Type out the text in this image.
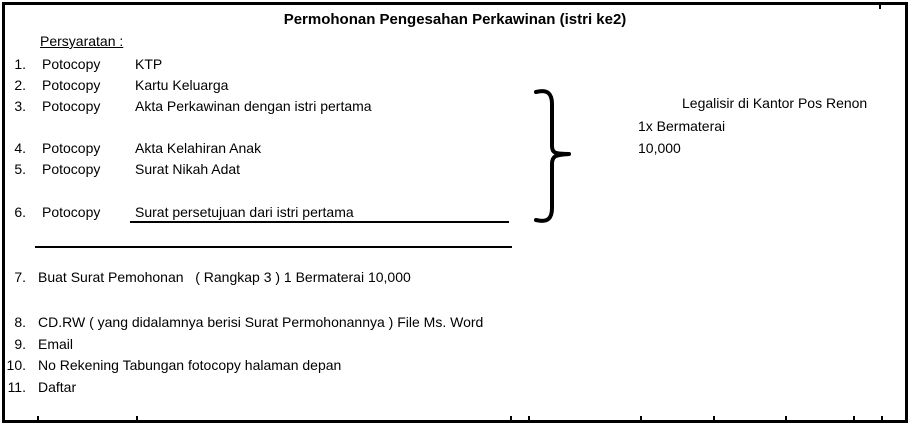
Permohonan Pengesahan Perkawinan (istri ke2)
Persyaratan :
1. Potocopy KTP
2. Potocopy Kartu Keluarga
3. Potocopy Akta Perkawinan dengan istri pertama
4. Potocopy Akta Kelahiran Anak
5. Potocopy Surat Nikah Adat
6. Potocopy Surat persetujuan dari istri pertama
Legalisir di Kantor Pos Renon
1x Bermaterai
10,000
7. Buat Surat Pemohonan   ( Rangkap 3 ) 1 Bermaterai 10,000
8. CD.RW ( yang didalamnya berisi Surat Permohonannya ) File Ms. Word
9. Email
10. No Rekening Tabungan fotocopy halaman depan
11. Daftar
